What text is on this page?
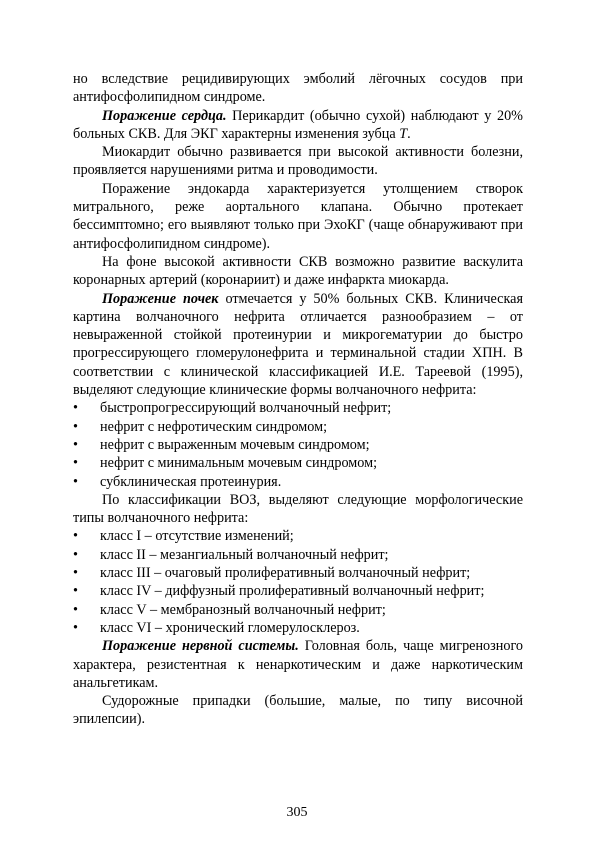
но вследствие рецидивирующих эмболий лёгочных сосудов при антифосфолипидном синдроме.

Поражение сердца. Перикардит (обычно сухой) наблюдают у 20% больных СКВ. Для ЭКГ характерны изменения зубца T.

Миокардит обычно развивается при высокой активности болезни, проявляется нарушениями ритма и проводимости.

Поражение эндокарда характеризуется утолщением створок митрального, реже аортального клапана. Обычно протекает бессимптомно; его выявляют только при ЭхоКГ (чаще обнаруживают при антифосфолипидном синдроме).

На фоне высокой активности СКВ возможно развитие васкулита коронарных артерий (коронариит) и даже инфаркта миокарда.

Поражение почек отмечается у 50% больных СКВ. Клиническая картина волчаночного нефрита отличается разнообразием – от невыраженной стойкой протеинурии и микрогематурии до быстро прогрессирующего гломерулонефрита и терминальной стадии ХПН. В соответствии с клинической классификацией И.Е. Тареевой (1995), выделяют следующие клинические формы волчаночного нефрита:

• быстропрогрессирующий волчаночный нефрит;
• нефрит с нефротическим синдромом;
• нефрит с выраженным мочевым синдромом;
• нефрит с минимальным мочевым синдромом;
• субклиническая протеинурия.

По классификации ВОЗ, выделяют следующие морфологические типы волчаночного нефрита:

• класс I – отсутствие изменений;
• класс II – мезангиальный волчаночный нефрит;
• класс III – очаговый пролиферативный волчаночный нефрит;
• класс IV – диффузный пролиферативный волчаночный нефрит;
• класс V – мембранозный волчаночный нефрит;
• класс VI – хронический гломерулосклероз.

Поражение нервной системы. Головная боль, чаще мигренозного характера, резистентная к ненаркотическим и даже наркотическим анальгетикам.

Судорожные припадки (большие, малые, по типу височной эпилепсии).

305
